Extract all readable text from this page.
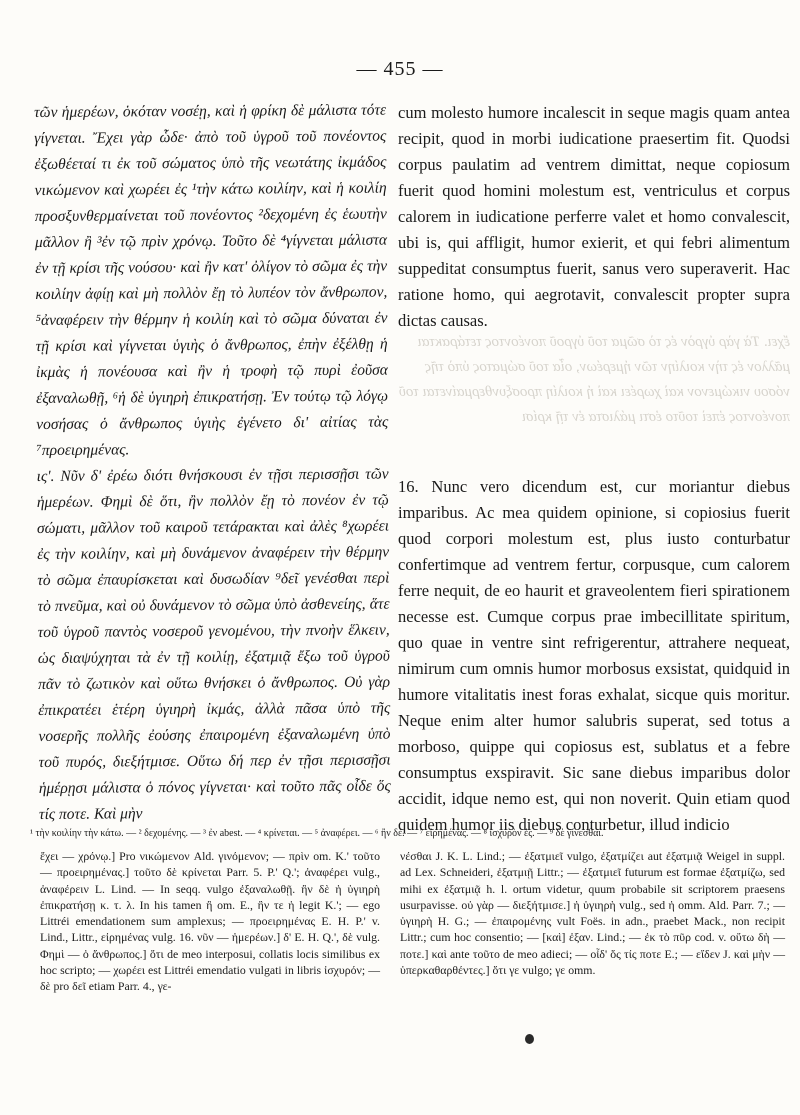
— 455 —

τῶν ἡμερέων, ὁκόταν νοσέῃ, καὶ ἡ φρίκη δὲ μάλιστα τότε γίγνεται. Ἔχει γὰρ ὧδε· ἀπὸ τοῦ ὑγροῦ τοῦ πονέοντος ἐξωθέεταί τι ἐκ τοῦ σώματος ὑπὸ τῆς νεωτάτης ἰκμάδος νικώμενον καὶ χωρέει ἐς ¹τὴν κάτω κοιλίην, καὶ ἡ κοιλίη προσξυνθερμαίνεται τοῦ πονέοντος ²δεχομένη ἐς ἑωυτὴν μᾶλλον ἢ ³ἐν τῷ πρὶν χρόνῳ. Τοῦτο δὲ ⁴γίγνεται μάλιστα ἐν τῇ κρίσι τῆς νούσου· καὶ ἢν κατ' ὀλίγον τὸ σῶμα ἐς τὴν κοιλίην ἀφίῃ καὶ μὴ πολλὸν ἔῃ τὸ λυπέον τὸν ἄνθρωπον, ⁵ἀναφέρειν τὴν θέρμην ἡ κοιλίη καὶ τὸ σῶμα δύναται ἐν τῇ κρίσι καὶ γίγνεται ὑγιὴς ὁ ἄνθρωπος, ἐπὴν ἐξέλθῃ ἡ ἰκμὰς ἡ πονέουσα καὶ ἢν ἡ τροφὴ τῷ πυρὶ ἐοῦσα ἐξαναλωθῇ, ⁶ἡ δὲ ὑγιηρὴ ἐπικρατήσῃ. Ἐν τούτῳ τῷ λόγῳ νοσήσας ὁ ἄνθρωπος ὑγιὴς ἐγένετο δι' αἰτίας τὰς ⁷προειρημένας.

ις'. Νῦν δ' ἐρέω διότι θνήσκουσι ἐν τῇσι περισσῇσι τῶν ἡμερέων. Φημὶ δὲ ὅτι, ἢν πολλὸν ἔῃ τὸ πονέον ἐν τῷ σώματι, μᾶλλον τοῦ καιροῦ τετάρακται καὶ ἀλὲς ⁸χωρέει ἐς τὴν κοιλίην, καὶ μὴ δυνάμενον ἀναφέρειν τὴν θέρμην τὸ σῶμα ἐπαυρίσκεται καὶ δυσωδίαν ⁹δεῖ γενέσθαι περὶ τὸ πνεῦμα, καὶ οὐ δυνάμενον τὸ σῶμα ὑπὸ ἀσθενείης, ἅτε τοῦ ὑγροῦ παντὸς νοσεροῦ γενομένου, τὴν πνοὴν ἕλκειν, ὡς διαψύχηται τὰ ἐν τῇ κοιλίῃ, ἐξατμιᾷ ἔξω τοῦ ὑγροῦ πᾶν τὸ ζωτικὸν καὶ οὕτω θνήσκει ὁ ἄνθρωπος. Οὐ γὰρ ἐπικρατέει ἑτέρη ὑγιηρὴ ἰκμάς, ἀλλὰ πᾶσα ὑπὸ τῆς νοσερῆς πολλῆς ἐούσης ἐπαιρομένη ἐξαναλωμένη ὑπὸ τοῦ πυρός, διεξήτμισε. Οὕτω δή περ ἐν τῇσι περισσῇσι ἡμέρῃσι μάλιστα ὁ πόνος γίγνεται· καὶ τοῦτο πᾶς οἶδε ὅς τίς ποτε. Καὶ μὴν

ἔχει. Τὰ γὰρ ὑγρὸν ἐς τὸ σῶμα τοῦ ὑγροῦ πονέοντος τετάρακται μᾶλλον ἐς τὴν κοιλίην τῶν ἡμερέων, οἷα τοῦ σώματος ὑπὸ τῆς νόσου νικώμενον καὶ χωρέει καὶ ἡ κοιλίη προσξυνθερμαίνεται τοῦ πονέοντος ἐπεὶ τοῦτο ἐστι μάλιστα ἐν τῇ κρίσι

cum molesto humore incalescit in seque magis quam antea recipit, quod in morbi iudicatione praesertim fit. Quodsi corpus paulatim ad ventrem dimittat, neque copiosum fuerit quod homini molestum est, ventriculus et corpus calorem in iudicatione perferre valet et homo convalescit, ubi is, qui affligit, humor exierit, et qui febri alimentum suppeditat consumptus fuerit, sanus vero superaverit. Hac ratione homo, qui aegrotavit, convalescit propter supra dictas causas.

16. Nunc vero dicendum est, cur moriantur diebus imparibus. Ac mea quidem opinione, si copiosius fuerit quod corpori molestum est, plus iusto conturbatur confertimque ad ventrem fertur, corpusque, cum calorem ferre nequit, de eo haurit et graveolentem fieri spirationem necesse est. Cumque corpus prae imbecillitate spiritum, quo quae in ventre sint refrigerentur, attrahere nequeat, nimirum cum omnis humor morbosus exsistat, quidquid in humore vitalitatis inest foras exhalat, sicque quis moritur. Neque enim alter humor salubris superat, sed totus a morboso, quippe qui copiosus est, sublatus et a febre consumptus exspiravit. Sic sane diebus imparibus dolor accidit, idque nemo est, qui non noverit. Quin etiam quod quidem humor iis diebus conturbetur, illud indicio

¹ τὴν κοιλίην τὴν κάτω. — ² δεχομένης. — ³ ἐν abest. — ⁴ κρίνεται. — ⁵ ἀναφέρει. — ⁶ ἢν δέ. — ⁷ εἰρημένας. — ⁸ ἰσχυρὸν ἐς. — ⁹ δὲ γίνεσθαι.

ἔχει — χρόνῳ.] Pro νικώμενον Ald. γινόμενον; — πρὶν om. K.' τοῦτο — προειρημένας.] τοῦτο δὲ κρίνεται Parr. 5. P.' Q.'; ἀναφέρει vulg., ἀναφέρειν L. Lind. — In seqq. vulgo ἐξαναλωθῇ. ἢν δὲ ἡ ὑγιηρὴ ἐπικρατήσῃ κ. τ. λ. In his tamen ἢ om. E., ἢν τε ἡ legit K.'; — ego Littréi emendationem sum amplexus; — προειρημένας E. H. P.' v. Lind., Littr., εἰρημένας vulg. 16. νῦν — ἡμερέων.] δ' E. H. Q.', δὲ vulg. Φημὶ — ὁ ἄνθρωπος.] ὅτι de meo interposui, collatis locis similibus ex hoc scripto; — χωρέει est Littréi emendatio vulgati in libris ἰσχυρόν; — δὲ pro δεῖ etiam Parr. 4., γε-

νέσθαι J. K. L. Lind.; — ἐξατμιεῖ vulgo, ἐξατμίζει aut ἐξατμιᾷ Weigel in suppl. ad Lex. Schneideri, ἐξατμιῇ Littr.; — ἐξατμιεῖ futurum est formae ἐξατμίζω, sed mihi ex ἐξατμιᾷ h. l. ortum videtur, quum probabile sit scriptorem praesens usurpavisse. οὐ γὰρ — διεξήτμισε.] ἡ ὑγιηρὴ vulg., sed ἡ omm. Ald. Parr. 7.; — ὑγιηρὴ H. G.; — ἐπαιρομένης vult Foës. in adn., praebet Mack., non recipit Littr.; cum hoc consentio; — [καὶ] ἐξαν. Lind.; — ἐκ τὸ πῦρ cod. v. οὕτω δὴ — ποτε.] καὶ ante τοῦτο de meo adieci; — οἶδ' ὅς τίς ποτε E.; — εἴδεν J. καὶ μὴν — ὑπερκαθαρθέντες.] ὅτι γε vulgo; γε omm.
